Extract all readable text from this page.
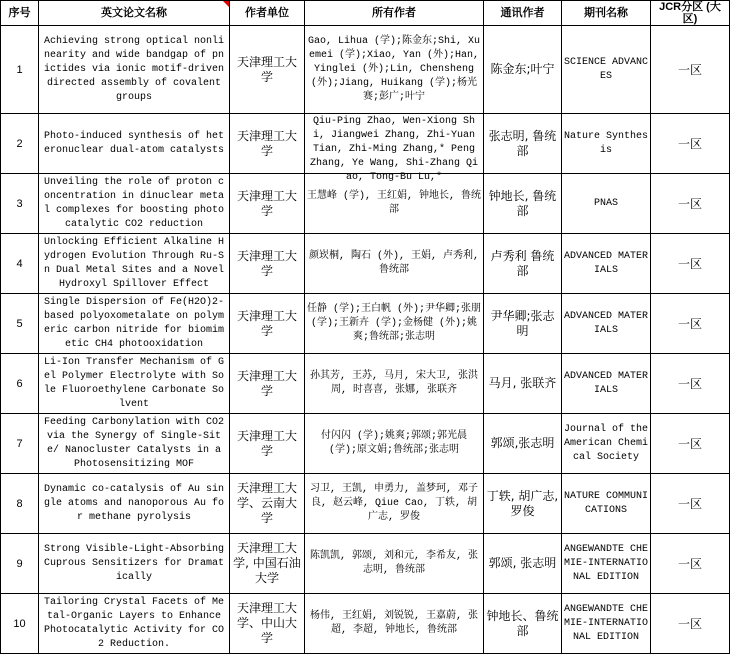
序号	英文论文名称	作者单位	所有作者	通讯作者	期刊名称	JCR分区 (大区)

1	Achieving strong optical nonlinearity and wide bandgap of pnictides via ionic motif-driven directed assembly of covalent groups	天津理工大学	Gao, Lihua (学);陈金东;Shi, Xuemei (学);Xiao, Yan (外);Han, Yinglei (外);Lin, Chensheng (外);Jiang, Huikang (学);杨光赛;彭广;叶宁	陈金东;叶宁	SCIENCE ADVANCES	一区

2	Photo-induced synthesis of heteronuclear dual-atom catalysts	天津理工大学	Qiu-Ping Zhao, Wen-Xiong Shi, Jiangwei Zhang, Zhi-Yuan Tian, Zhi-Ming Zhang,* Peng Zhang, Ye Wang, Shi-Zhang Qiao, Tong-Bu Lu,*	张志明, 鲁统部	Nature Synthesis	一区

3	Unveiling the role of proton concentration in dinuclear metal complexes for boosting photocatalytic CO2 reduction	天津理工大学	王慧峰 (学), 王红娟, 钟地长, 鲁统部	钟地长, 鲁统部	PNAS	一区

4	Unlocking Efficient Alkaline Hydrogen Evolution Through Ru-Sn Dual Metal Sites and a Novel Hydroxyl Spillover Effect	天津理工大学	颜崁桐, 陶石 (外), 王娟, 卢秀利, 鲁统部	卢秀利 鲁统部	ADVANCED MATERIALS	一区

5	Single Dispersion of Fe(H2O)2-based polyoxometalate on polymeric carbon nitride for biomimetic CH4 photooxidation	天津理工大学	任静 (学);王白帆 (外);尹华卿;张朋 (学);王新卉 (学);金杨健 (外);姚爽;鲁统部;张志明	尹华卿;张志明	ADVANCED MATERIALS	一区

6	Li-Ion Transfer Mechanism of Gel Polymer Electrolyte with Sole Fluoroethylene Carbonate Solvent	天津理工大学	孙其芳, 王苏, 马月, 宋大卫, 张洪周, 时喜喜, 张娜, 张联齐	马月, 张联齐	ADVANCED MATERIALS	一区

7	Feeding Carbonylation with CO2 via the Synergy of Single-Site/ Nanocluster Catalysts in a Photosensitizing MOF	天津理工大学	付闪闪 (学);姚爽;郭颂;郭光晨 (学);原文娟;鲁统部;张志明	郭颂,张志明	Journal of the American Chemical Society	一区

8	Dynamic co-catalysis of Au single atoms and nanoporous Au for methane pyrolysis	天津理工大学、云南大学	习卫, 王凯, 申勇力, 盖梦珂, 邓子良, 赵云峰, Qiue Cao, 丁轶, 胡广志, 罗俊	丁轶, 胡广志, 罗俊	NATURE COMMUNICATIONS	一区

9	Strong Visible-Light-Absorbing Cuprous Sensitizers for Dramatically	天津理工大学, 中国石油大学	陈凯凯, 郭颂, 刘和元, 李希友, 张志明, 鲁统部	郭颂, 张志明	ANGEWANDTE CHEMIE-INTERNATIONAL EDITION	一区

10	Tailoring Crystal Facets of Metal-Organic Layers to Enhance Photocatalytic Activity for CO2 Reduction.	天津理工大学、中山大学	杨伟, 王红娟, 刘锐锐, 王嘉蔚, 张超, 李超, 钟地长, 鲁统部	钟地长、鲁统部	ANGEWANDTE CHEMIE-INTERNATIONAL EDITION	一区
